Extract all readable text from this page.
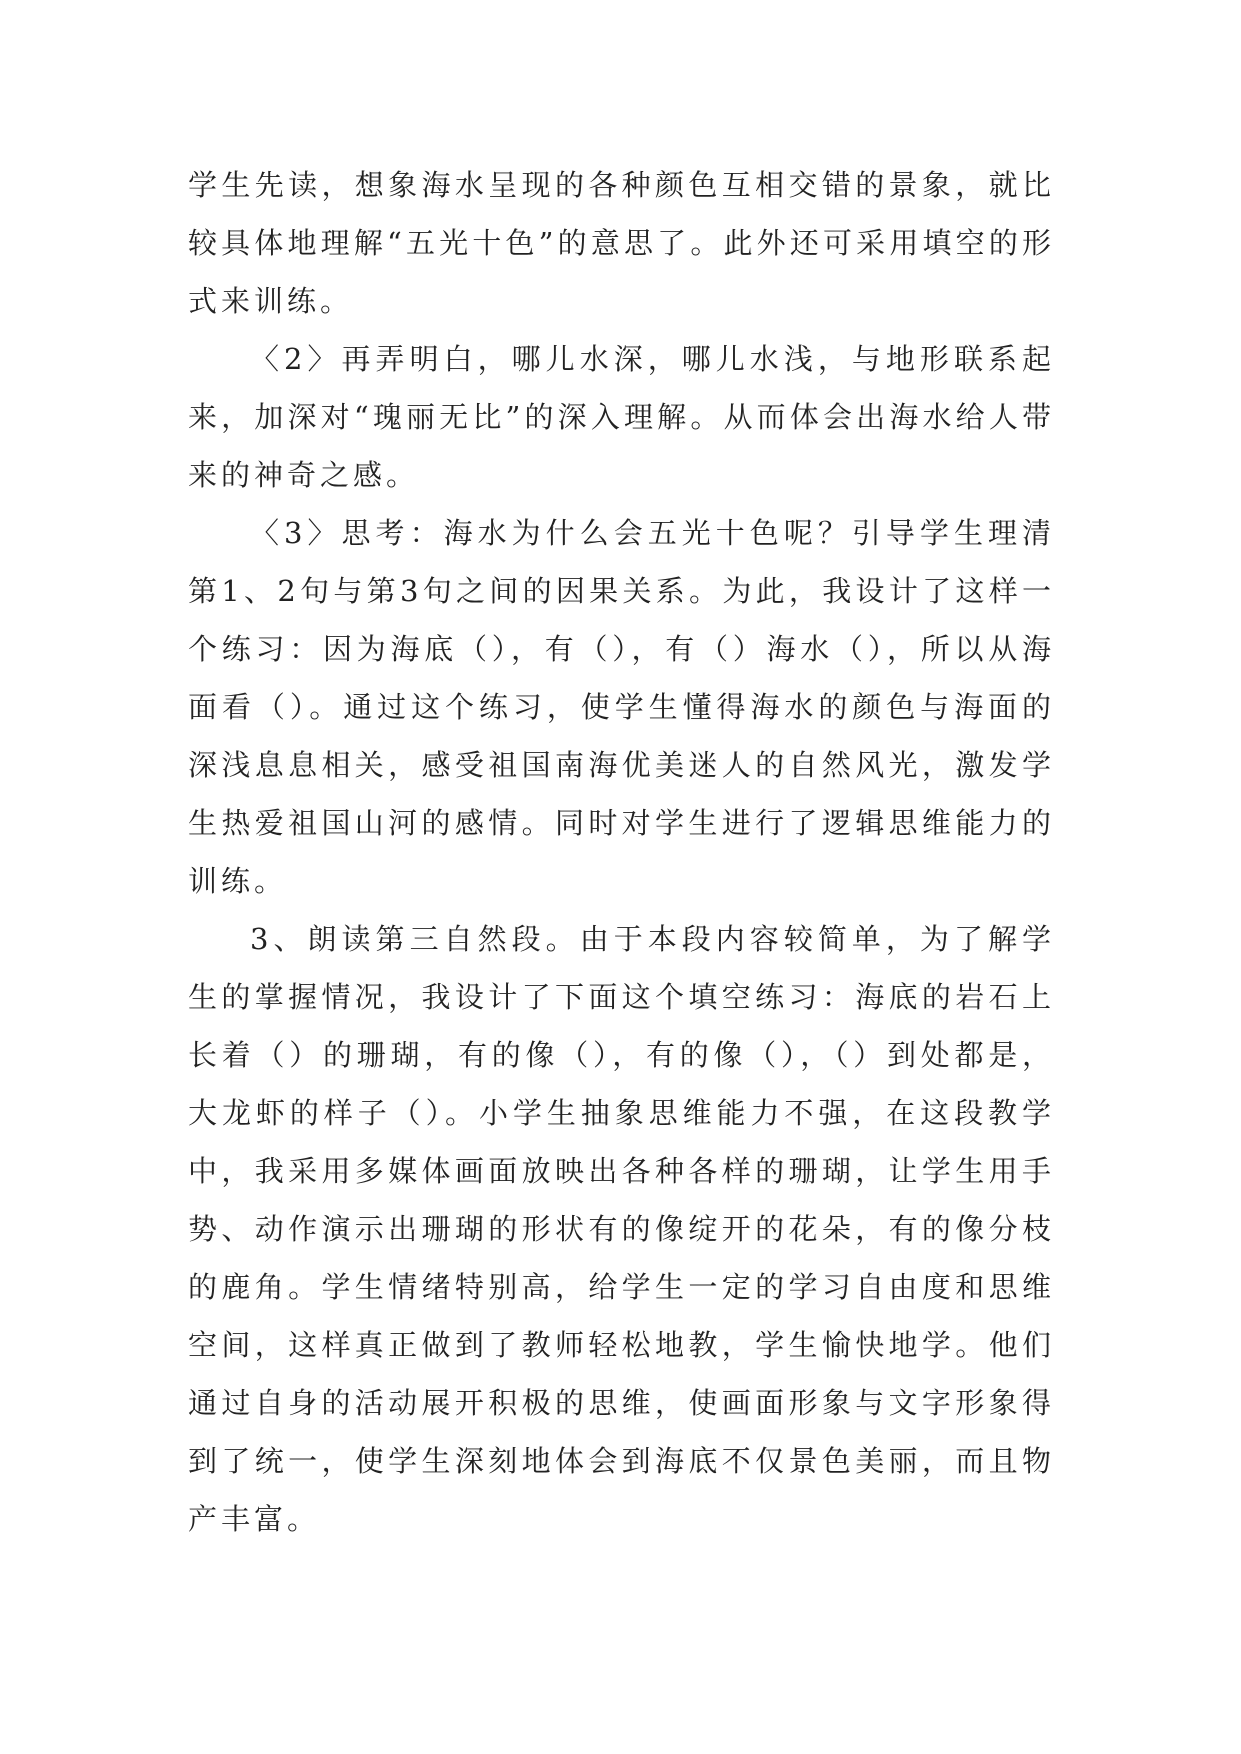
学生先读，想象海水呈现的各种颜色互相交错的景象，就比较具体地理解“五光十色”的意思了。此外还可采用填空的形式来训练。

〈2〉再弄明白，哪儿水深，哪儿水浅，与地形联系起来，加深对“瑰丽无比”的深入理解。从而体会出海水给人带来的神奇之感。

〈3〉思考：海水为什么会五光十色呢？引导学生理清第1、2句与第3句之间的因果关系。为此，我设计了这样一个练习：因为海底（），有（），有（）海水（），所以从海面看（）。通过这个练习，使学生懂得海水的颜色与海面的深浅息息相关，感受祖国南海优美迷人的自然风光，激发学生热爱祖国山河的感情。同时对学生进行了逻辑思维能力的训练。

3、朗读第三自然段。由于本段内容较简单，为了解学生的掌握情况，我设计了下面这个填空练习：海底的岩石上长着（）的珊瑚，有的像（），有的像（），（）到处都是，大龙虾的样子（）。小学生抽象思维能力不强，在这段教学中，我采用多媒体画面放映出各种各样的珊瑚，让学生用手势、动作演示出珊瑚的形状有的像绽开的花朵，有的像分枝的鹿角。学生情绪特别高，给学生一定的学习自由度和思维空间，这样真正做到了教师轻松地教，学生愉快地学。他们通过自身的活动展开积极的思维，使画面形象与文字形象得到了统一，使学生深刻地体会到海底不仅景色美丽，而且物产丰富。
